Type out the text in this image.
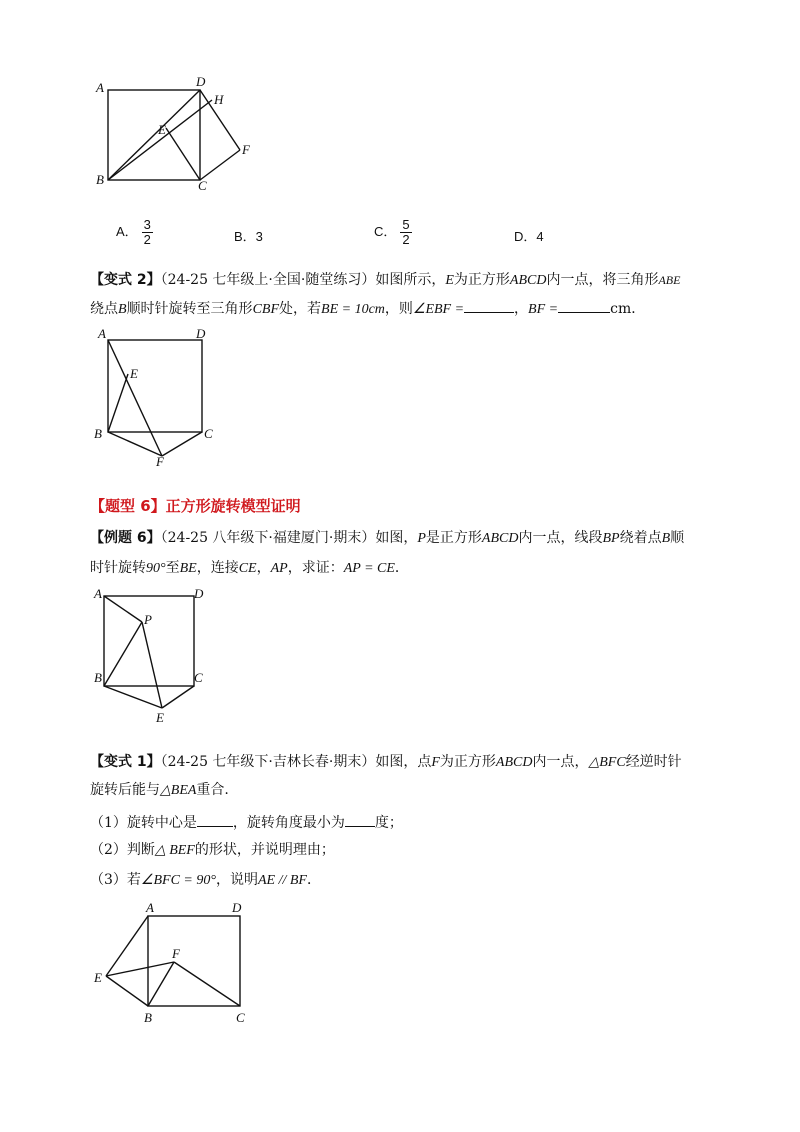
A	D
H
E
F
B	C
A． $\frac{3}{2}$	B．3	C． $\frac{5}{2}$	D．4
【变式 2】（24-25 七年级上·全国·随堂练习）如图所示，E为正方形ABCD内一点，将三角形ABE
绕点B顺时针旋转至三角形CBF处，若BE = 10cm，则∠EBF =	，BF =	cm．
A	D
E
B	C
F
【题型 6】正方形旋转模型证明
【例题 6】（24-25 八年级下·福建厦门·期末）如图，P是正方形ABCD内一点，线段BP绕着点B顺
时针旋转90°至BE，连接CE，AP，求证：AP = CE．
A	D
P
B	C
E
【变式 1】（24-25 七年级下·吉林长春·期末）如图，点F为正方形ABCD内一点，△BFC经逆时针
旋转后能与△BEA重合.
（1）旋转中心是	，旋转角度最小为 度；
（2）判断△ BEF的形状，并说明理由；
（3）若∠BFC = 90°，说明AE // BF．
A	D
F
E
B	C
